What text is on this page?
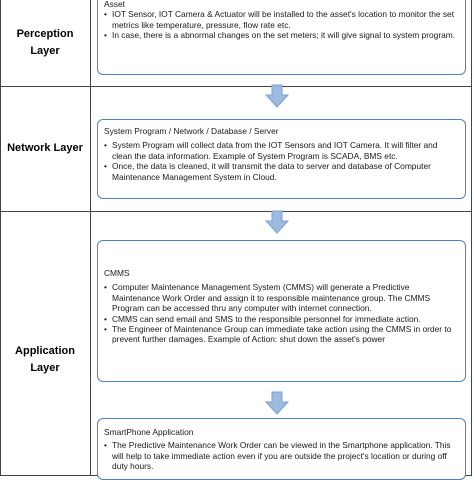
Perception
Layer
Network Layer
Application
Layer
Asset
• IOT Sensor, IOT Camera & Actuator will be installed to the asset's location to monitor the set metrics like temperature, pressure, flow rate etc.
• In case, there is a abnormal changes on the set meters; it will give signal to system program.
System Program / Network / Database / Server
• System Program will collect data from the IOT Sensors and IOT Camera. It will filter and clean the data information. Example of System Program is SCADA, BMS etc.
• Once, the data is cleaned, it will transmit the data to server and database of Computer Maintenance Management System in Cloud.
CMMS
• Computer Maintenance Management System (CMMS) will generate a Predictive Maintenance Work Order and assign it to responsible maintenance group. The CMMS Program can be accessed thru any computer with internet connection.
• CMMS can send email and SMS to the responsible personnel for immediate action.
• The Engineer of Maintenance Group can immediate take action using the CMMS in order to prevent further damages. Example of Action: shut down the asset's power
SmartPhone Application
• The Predictive Maintenance Work Order can be viewed in the Smartphone application. This will help to take immediate action even if you are outside the project's location or during off duty hours.
